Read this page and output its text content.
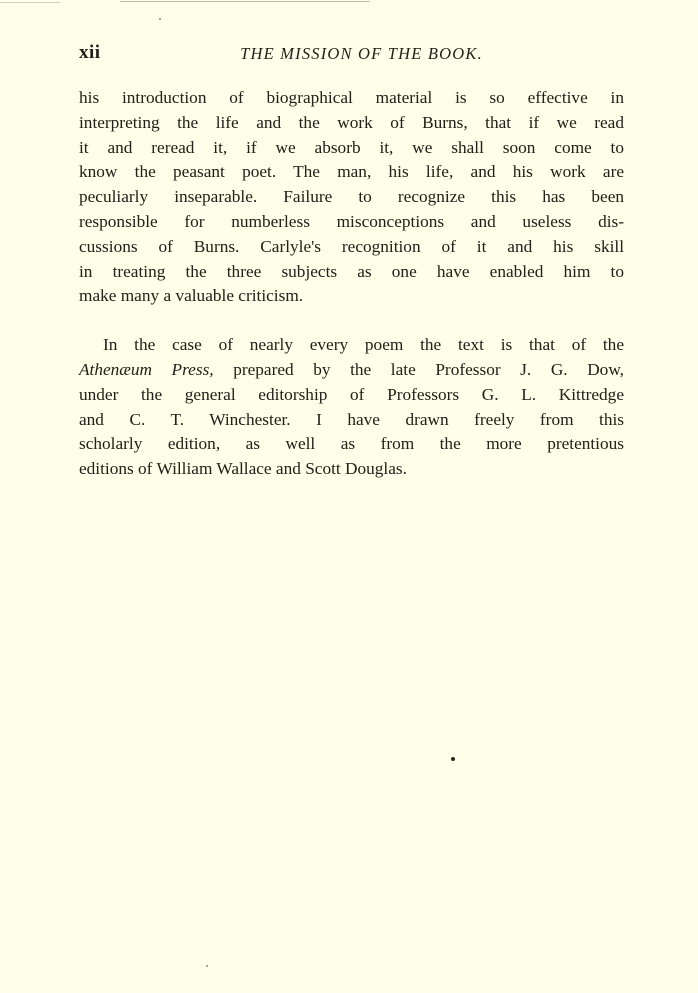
xii	THE MISSION OF THE BOOK.

his introduction of biographical material is so effective in
interpreting the life and the work of Burns, that if we read
it and reread it, if we absorb it, we shall soon come to
know the peasant poet. The man, his life, and his work are
peculiarly inseparable. Failure to recognize this has been
responsible for numberless misconceptions and useless dis-
cussions of Burns. Carlyle's recognition of it and his skill
in treating the three subjects as one have enabled him to
make many a valuable criticism.

In the case of nearly every poem the text is that of the
Athenæum Press, prepared by the late Professor J. G. Dow,
under the general editorship of Professors G. L. Kittredge
and C. T. Winchester. I have drawn freely from this
scholarly edition, as well as from the more pretentious
editions of William Wallace and Scott Douglas.
